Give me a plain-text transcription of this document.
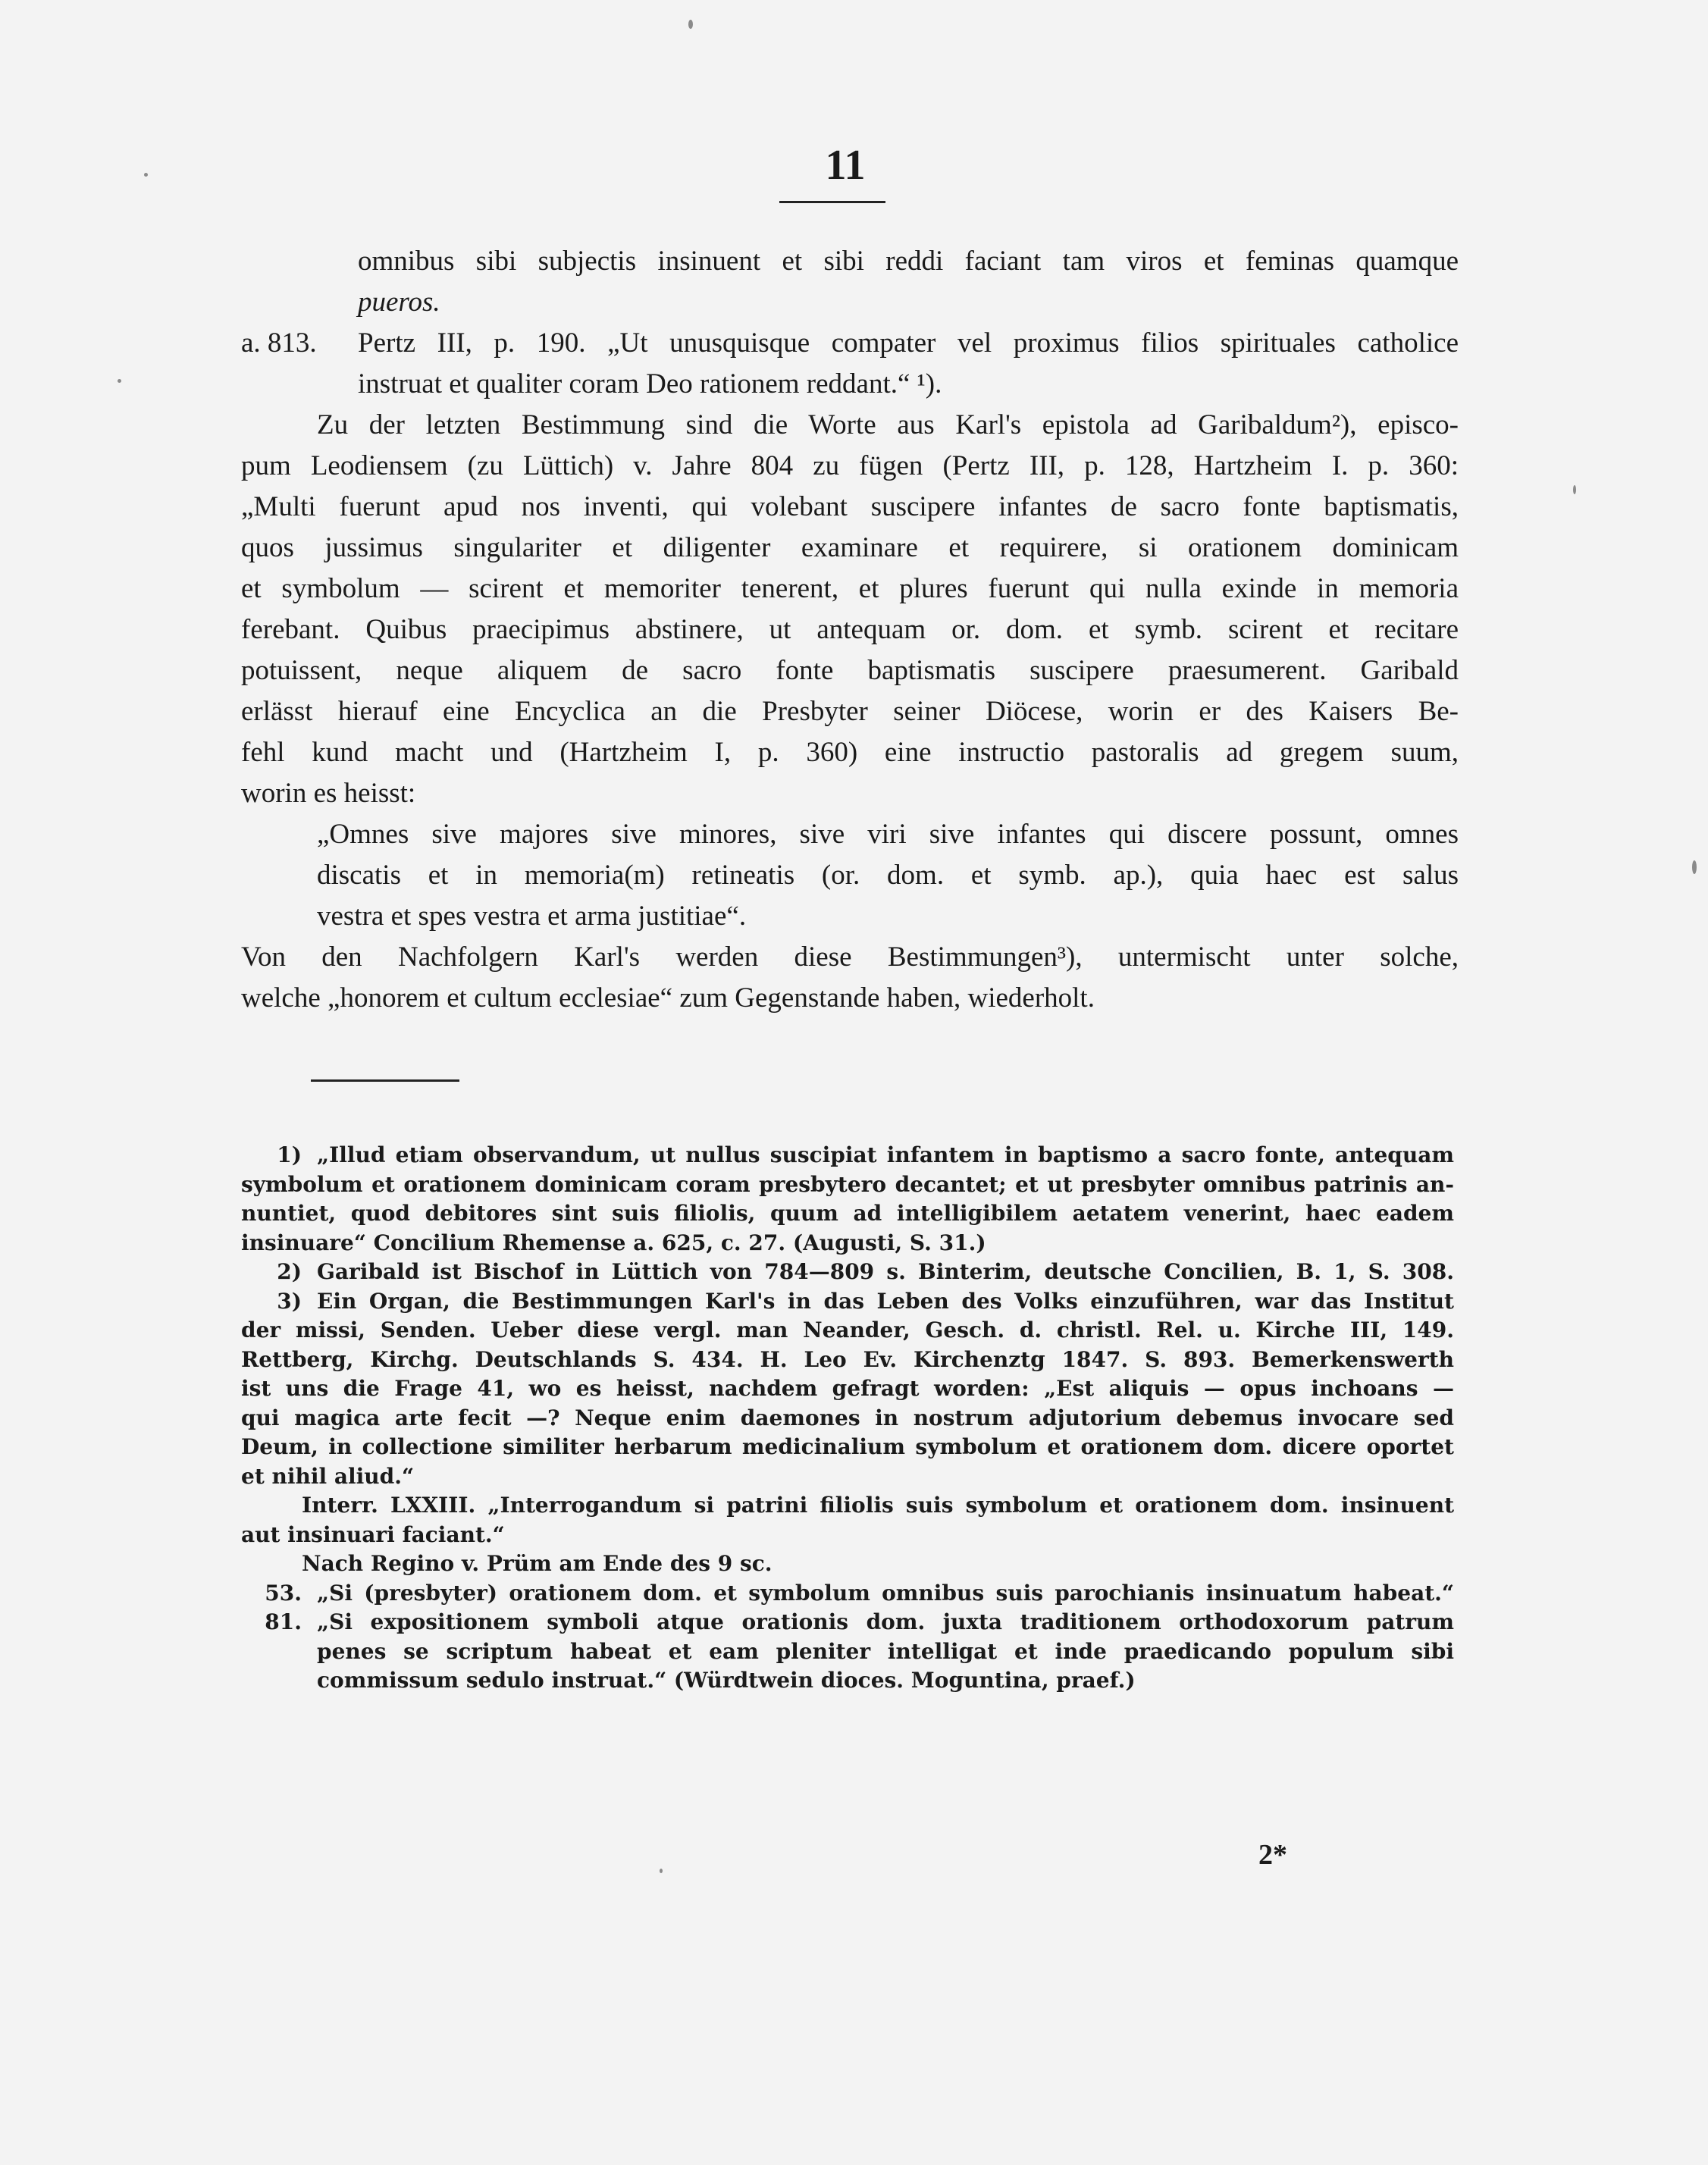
11
omnibus sibi subjectis insinuent et sibi reddi faciant tam viros et feminas quamque
pueros.
a. 813.	Pertz III, p. 190. „Ut unusquisque compater vel proximus filios spirituales catholice
instruat et qualiter coram Deo rationem reddant.“ ¹).
Zu der letzten Bestimmung sind die Worte aus Karl's epistola ad Garibaldum²), episco-
pum Leodiensem (zu Lüttich) v. Jahre 804 zu fügen (Pertz III, p. 128, Hartzheim I. p. 360:
„Multi fuerunt apud nos inventi, qui volebant suscipere infantes de sacro fonte baptismatis,
quos jussimus singulariter et diligenter examinare et requirere, si orationem dominicam
et symbolum — scirent et memoriter tenerent, et plures fuerunt qui nulla exinde in memoria
ferebant. Quibus praecipimus abstinere, ut antequam or. dom. et symb. scirent et recitare
potuissent, neque aliquem de sacro fonte baptismatis suscipere praesumerent. Garibald
erlässt hierauf eine Encyclica an die Presbyter seiner Diöcese, worin er des Kaisers Be-
fehl kund macht und (Hartzheim I, p. 360) eine instructio pastoralis ad gregem suum,
worin es heisst:
„Omnes sive majores sive minores, sive viri sive infantes qui discere possunt, omnes
discatis et in memoria(m) retineatis (or. dom. et symb. ap.), quia haec est salus
vestra et spes vestra et arma justitiae“.
Von den Nachfolgern Karl's werden diese Bestimmungen³), untermischt unter solche,
welche „honorem et cultum ecclesiae“ zum Gegenstande haben, wiederholt.
1) „Illud etiam observandum, ut nullus suscipiat infantem in baptismo a sacro fonte, antequam
symbolum et orationem dominicam coram presbytero decantet; et ut presbyter omnibus patrinis an-
nuntiet, quod debitores sint suis filiolis, quum ad intelligibilem aetatem venerint, haec eadem
insinuare“ Concilium Rhemense a. 625, c. 27. (Augusti, S. 31.)
2) Garibald ist Bischof in Lüttich von 784—809 s. Binterim, deutsche Concilien, B. 1, S. 308.
3) Ein Organ, die Bestimmungen Karl's in das Leben des Volks einzuführen, war das Institut
der missi, Senden. Ueber diese vergl. man Neander, Gesch. d. christl. Rel. u. Kirche III, 149.
Rettberg, Kirchg. Deutschlands S. 434. H. Leo Ev. Kirchenztg 1847. S. 893. Bemerkenswerth
ist uns die Frage 41, wo es heisst, nachdem gefragt worden: „Est aliquis — opus inchoans —
qui magica arte fecit —? Neque enim daemones in nostrum adjutorium debemus invocare sed
Deum, in collectione similiter herbarum medicinalium symbolum et orationem dom. dicere oportet
et nihil aliud.“
Interr. LXXIII. „Interrogandum si patrini filiolis suis symbolum et orationem dom. insinuent
aut insinuari faciant.“
Nach Regino v. Prüm am Ende des 9 sc.
53. „Si (presbyter) orationem dom. et symbolum omnibus suis parochianis insinuatum habeat.“
81. „Si expositionem symboli atque orationis dom. juxta traditionem orthodoxorum patrum
penes se scriptum habeat et eam pleniter intelligat et inde praedicando populum sibi
commissum sedulo instruat.“ (Würdtwein dioces. Moguntina, praef.)
2*
